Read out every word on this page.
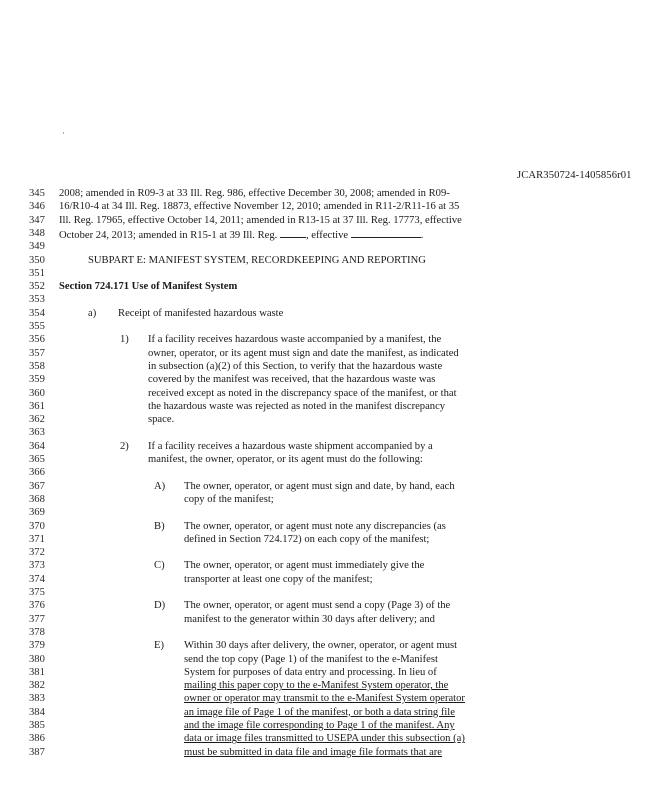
·
JCAR350724-1405856r01
345	2008; amended in R09-3 at 33 Ill. Reg. 986, effective December 30, 2008; amended in R09-
346	16/R10-4 at 34 Ill. Reg. 18873, effective November 12, 2010; amended in R11-2/R11-16 at 35
347	Ill. Reg. 17965, effective October 14, 2011; amended in R13-15 at 37 Ill. Reg. 17773, effective
348	October 24, 2013; amended in R15-1 at 39 Ill. Reg. , effective	.
349
350	SUBPART E: MANIFEST SYSTEM, RECORDKEEPING AND REPORTING
351
352	Section 724.171 Use of Manifest System
353
354	a) Receipt of manifested hazardous waste
355
356	1) If a facility receives hazardous waste accompanied by a manifest, the
357	owner, operator, or its agent must sign and date the manifest, as indicated
358	in subsection (a)(2) of this Section, to verify that the hazardous waste
359	covered by the manifest was received, that the hazardous waste was
360	received except as noted in the discrepancy space of the manifest, or that
361	the hazardous waste was rejected as noted in the manifest discrepancy
362	space.
363
364	2) If a facility receives a hazardous waste shipment accompanied by a
365	manifest, the owner, operator, or its agent must do the following:
366
367	A) The owner, operator, or agent must sign and date, by hand, each
368	copy of the manifest;
369
370	B) The owner, operator, or agent must note any discrepancies (as
371	defined in Section 724.172) on each copy of the manifest;
372
373	C) The owner, operator, or agent must immediately give the
374	transporter at least one copy of the manifest;
375
376	D) The owner, operator, or agent must send a copy (Page 3) of the
377	manifest to the generator within 30 days after delivery; and
378
379	E) Within 30 days after delivery, the owner, operator, or agent must
380	send the top copy (Page 1) of the manifest to the e-Manifest
381	System for purposes of data entry and processing. In lieu of
382	mailing this paper copy to the e-Manifest System operator, the
383	owner or operator may transmit to the e-Manifest System operator
384	an image file of Page 1 of the manifest, or both a data string file
385	and the image file corresponding to Page 1 of the manifest. Any
386	data or image files transmitted to USEPA under this subsection (a)
387	must be submitted in data file and image file formats that are
